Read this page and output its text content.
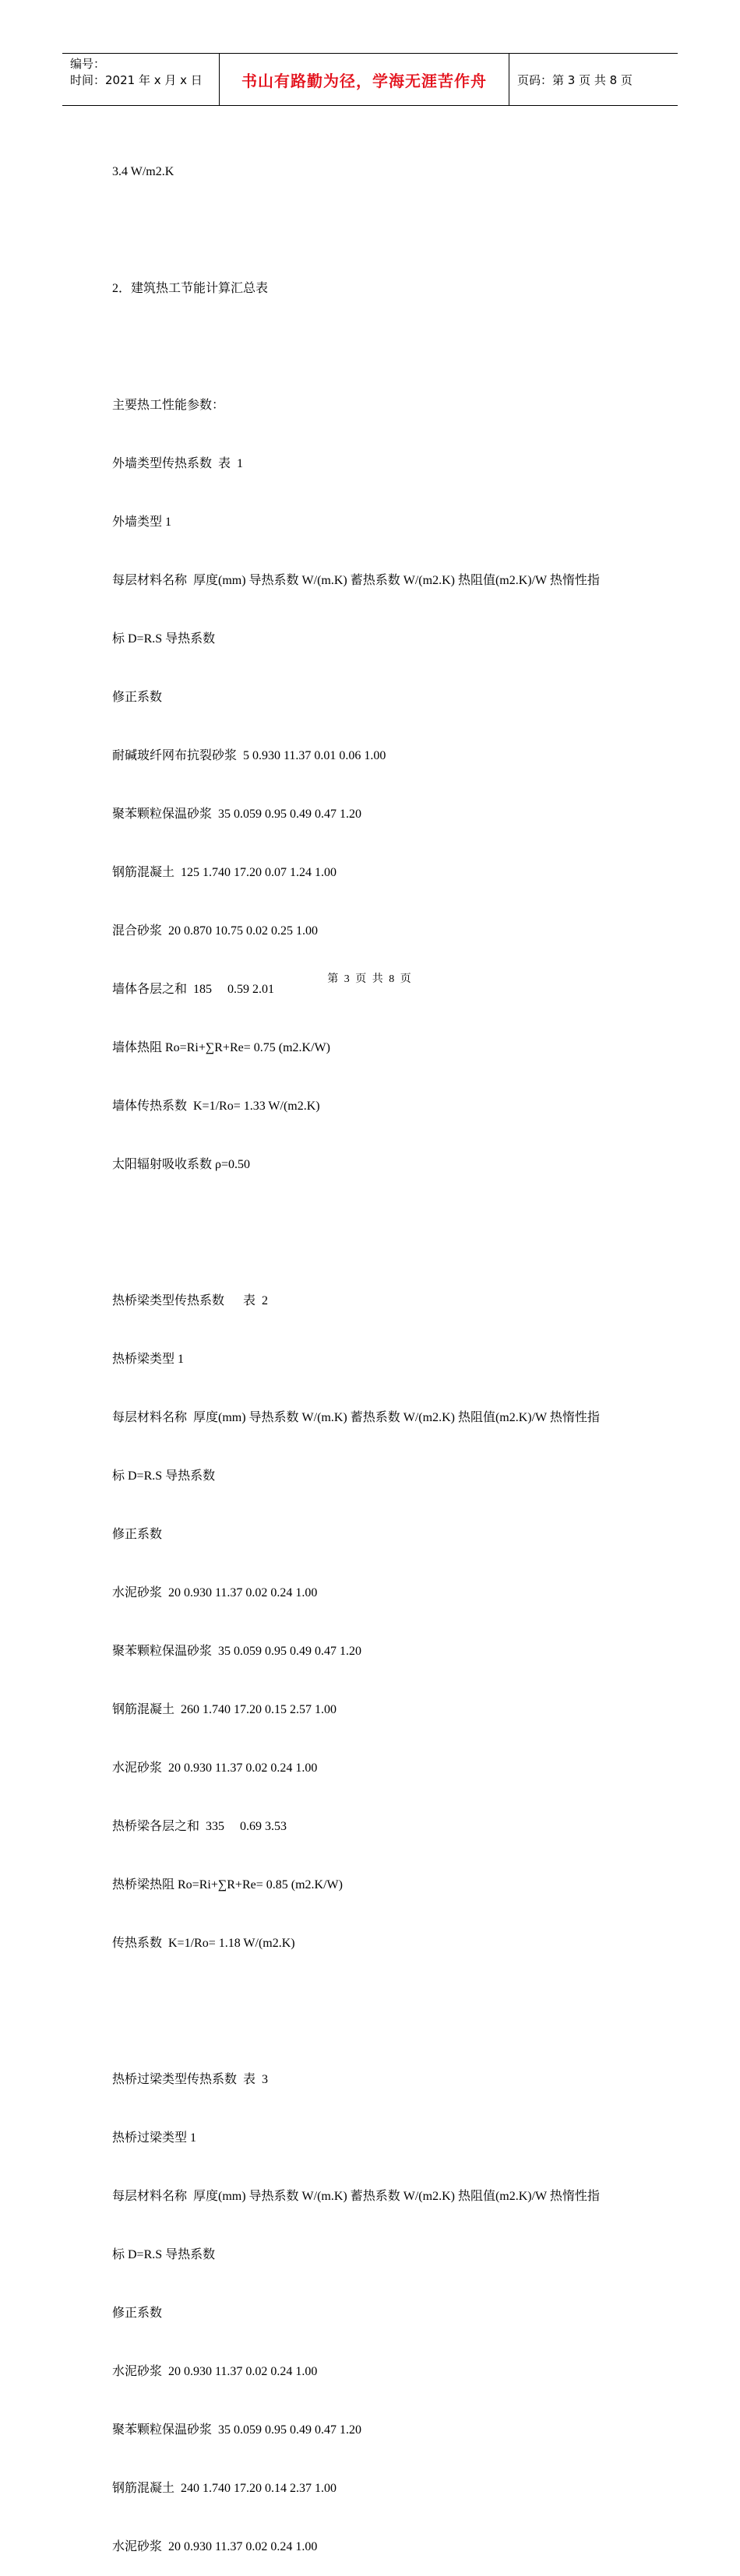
编号：
时间：2021 年 x 月 x 日	书山有路勤为径，学海无涯苦作舟	页码：第 3 页 共 8 页

3.4 W/m2.K

2．建筑热工节能计算汇总表

主要热工性能参数：

外墙类型传热系数  表  1

外墙类型 1

每层材料名称  厚度(mm) 导热系数 W/(m.K) 蓄热系数 W/(m2.K) 热阻值(m2.K)/W 热惰性指

标 D=R.S 导热系数

修正系数

耐碱玻纤网布抗裂砂浆  5 0.930 11.37 0.01 0.06 1.00

聚苯颗粒保温砂浆  35 0.059 0.95 0.49 0.47 1.20

钢筋混凝土  125 1.740 17.20 0.07 1.24 1.00

混合砂浆  20 0.870 10.75 0.02 0.25 1.00

墙体各层之和  185     0.59 2.01

墙体热阻 Ro=Ri+∑R+Re= 0.75 (m2.K/W)

墙体传热系数  K=1/Ro= 1.33 W/(m2.K)

太阳辐射吸收系数 ρ=0.50

热桥梁类型传热系数      表  2

热桥梁类型 1

每层材料名称  厚度(mm) 导热系数 W/(m.K) 蓄热系数 W/(m2.K) 热阻值(m2.K)/W 热惰性指

标 D=R.S 导热系数

修正系数

水泥砂浆  20 0.930 11.37 0.02 0.24 1.00

聚苯颗粒保温砂浆  35 0.059 0.95 0.49 0.47 1.20

钢筋混凝土  260 1.740 17.20 0.15 2.57 1.00

水泥砂浆  20 0.930 11.37 0.02 0.24 1.00

热桥梁各层之和  335     0.69 3.53

热桥梁热阻 Ro=Ri+∑R+Re= 0.85 (m2.K/W)

传热系数  K=1/Ro= 1.18 W/(m2.K)

热桥过梁类型传热系数  表  3

热桥过梁类型 1

每层材料名称  厚度(mm) 导热系数 W/(m.K) 蓄热系数 W/(m2.K) 热阻值(m2.K)/W 热惰性指

标 D=R.S 导热系数

修正系数

水泥砂浆  20 0.930 11.37 0.02 0.24 1.00

聚苯颗粒保温砂浆  35 0.059 0.95 0.49 0.47 1.20

钢筋混凝土  240 1.740 17.20 0.14 2.37 1.00

水泥砂浆  20 0.930 11.37 0.02 0.24 1.00

第 3 页 共 8 页
